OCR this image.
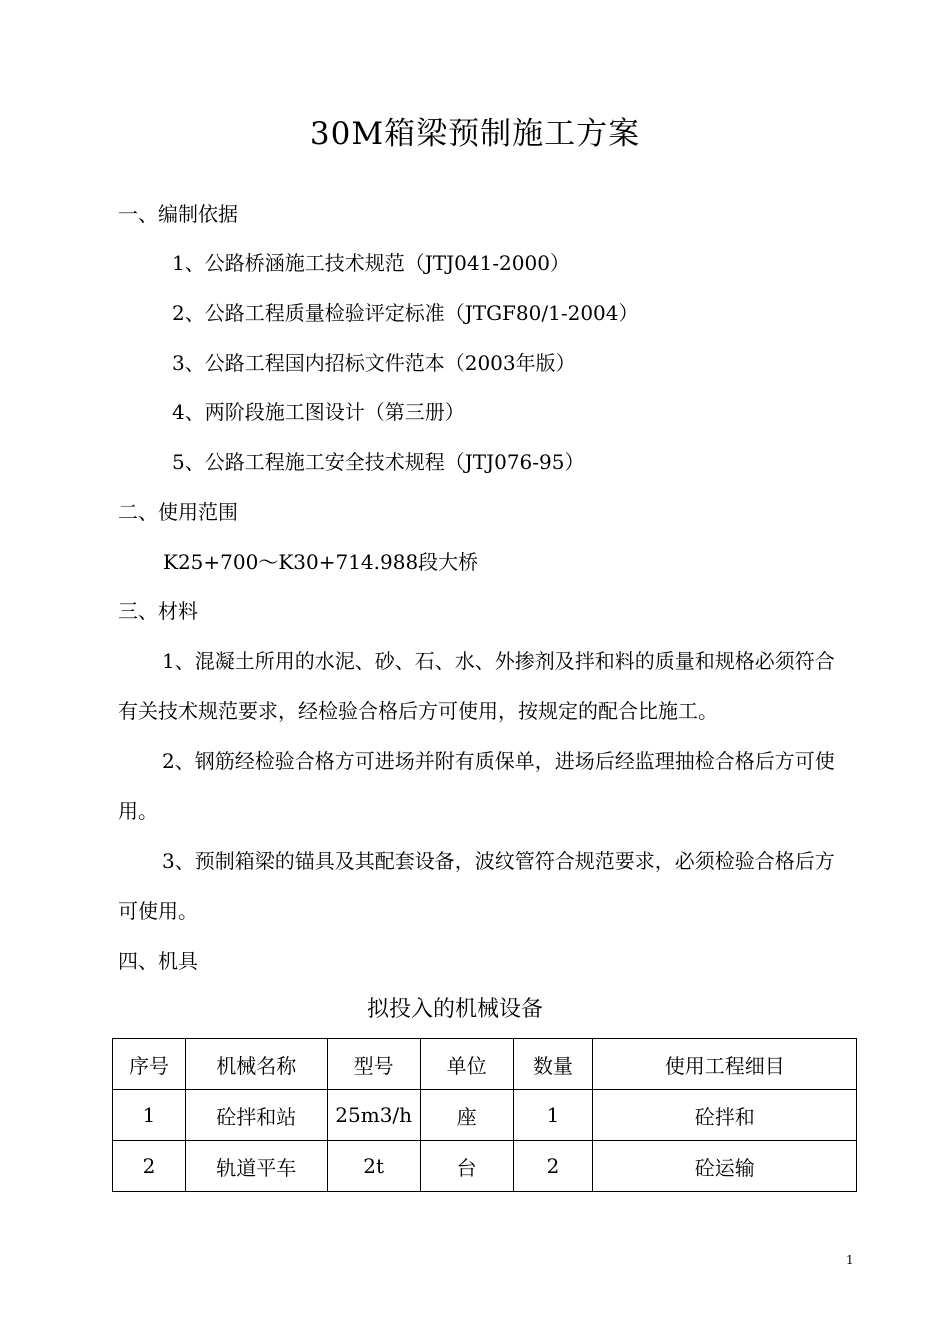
30M箱梁预制施工方案
一、编制依据
1、公路桥涵施工技术规范（JTJ041-2000）
2、公路工程质量检验评定标准（JTGF80/1-2004）
3、公路工程国内招标文件范本（2003年版）
4、两阶段施工图设计（第三册）
5、公路工程施工安全技术规程（JTJ076-95）
二、使用范围
K25+700～K30+714.988段大桥
三、材料
1、混凝土所用的水泥、砂、石、水、外掺剂及拌和料的质量和规格必须符合有关技术规范要求，经检验合格后方可使用，按规定的配合比施工。
2、钢筋经检验合格方可进场并附有质保单，进场后经监理抽检合格后方可使用。
3、预制箱梁的锚具及其配套设备，波纹管符合规范要求，必须检验合格后方可使用。
四、机具
拟投入的机械设备
序号	机械名称	型号	单位	数量	使用工程细目
1	砼拌和站	25m3/h	座	1	砼拌和
2	轨道平车	2t	台	2	砼运输
1
